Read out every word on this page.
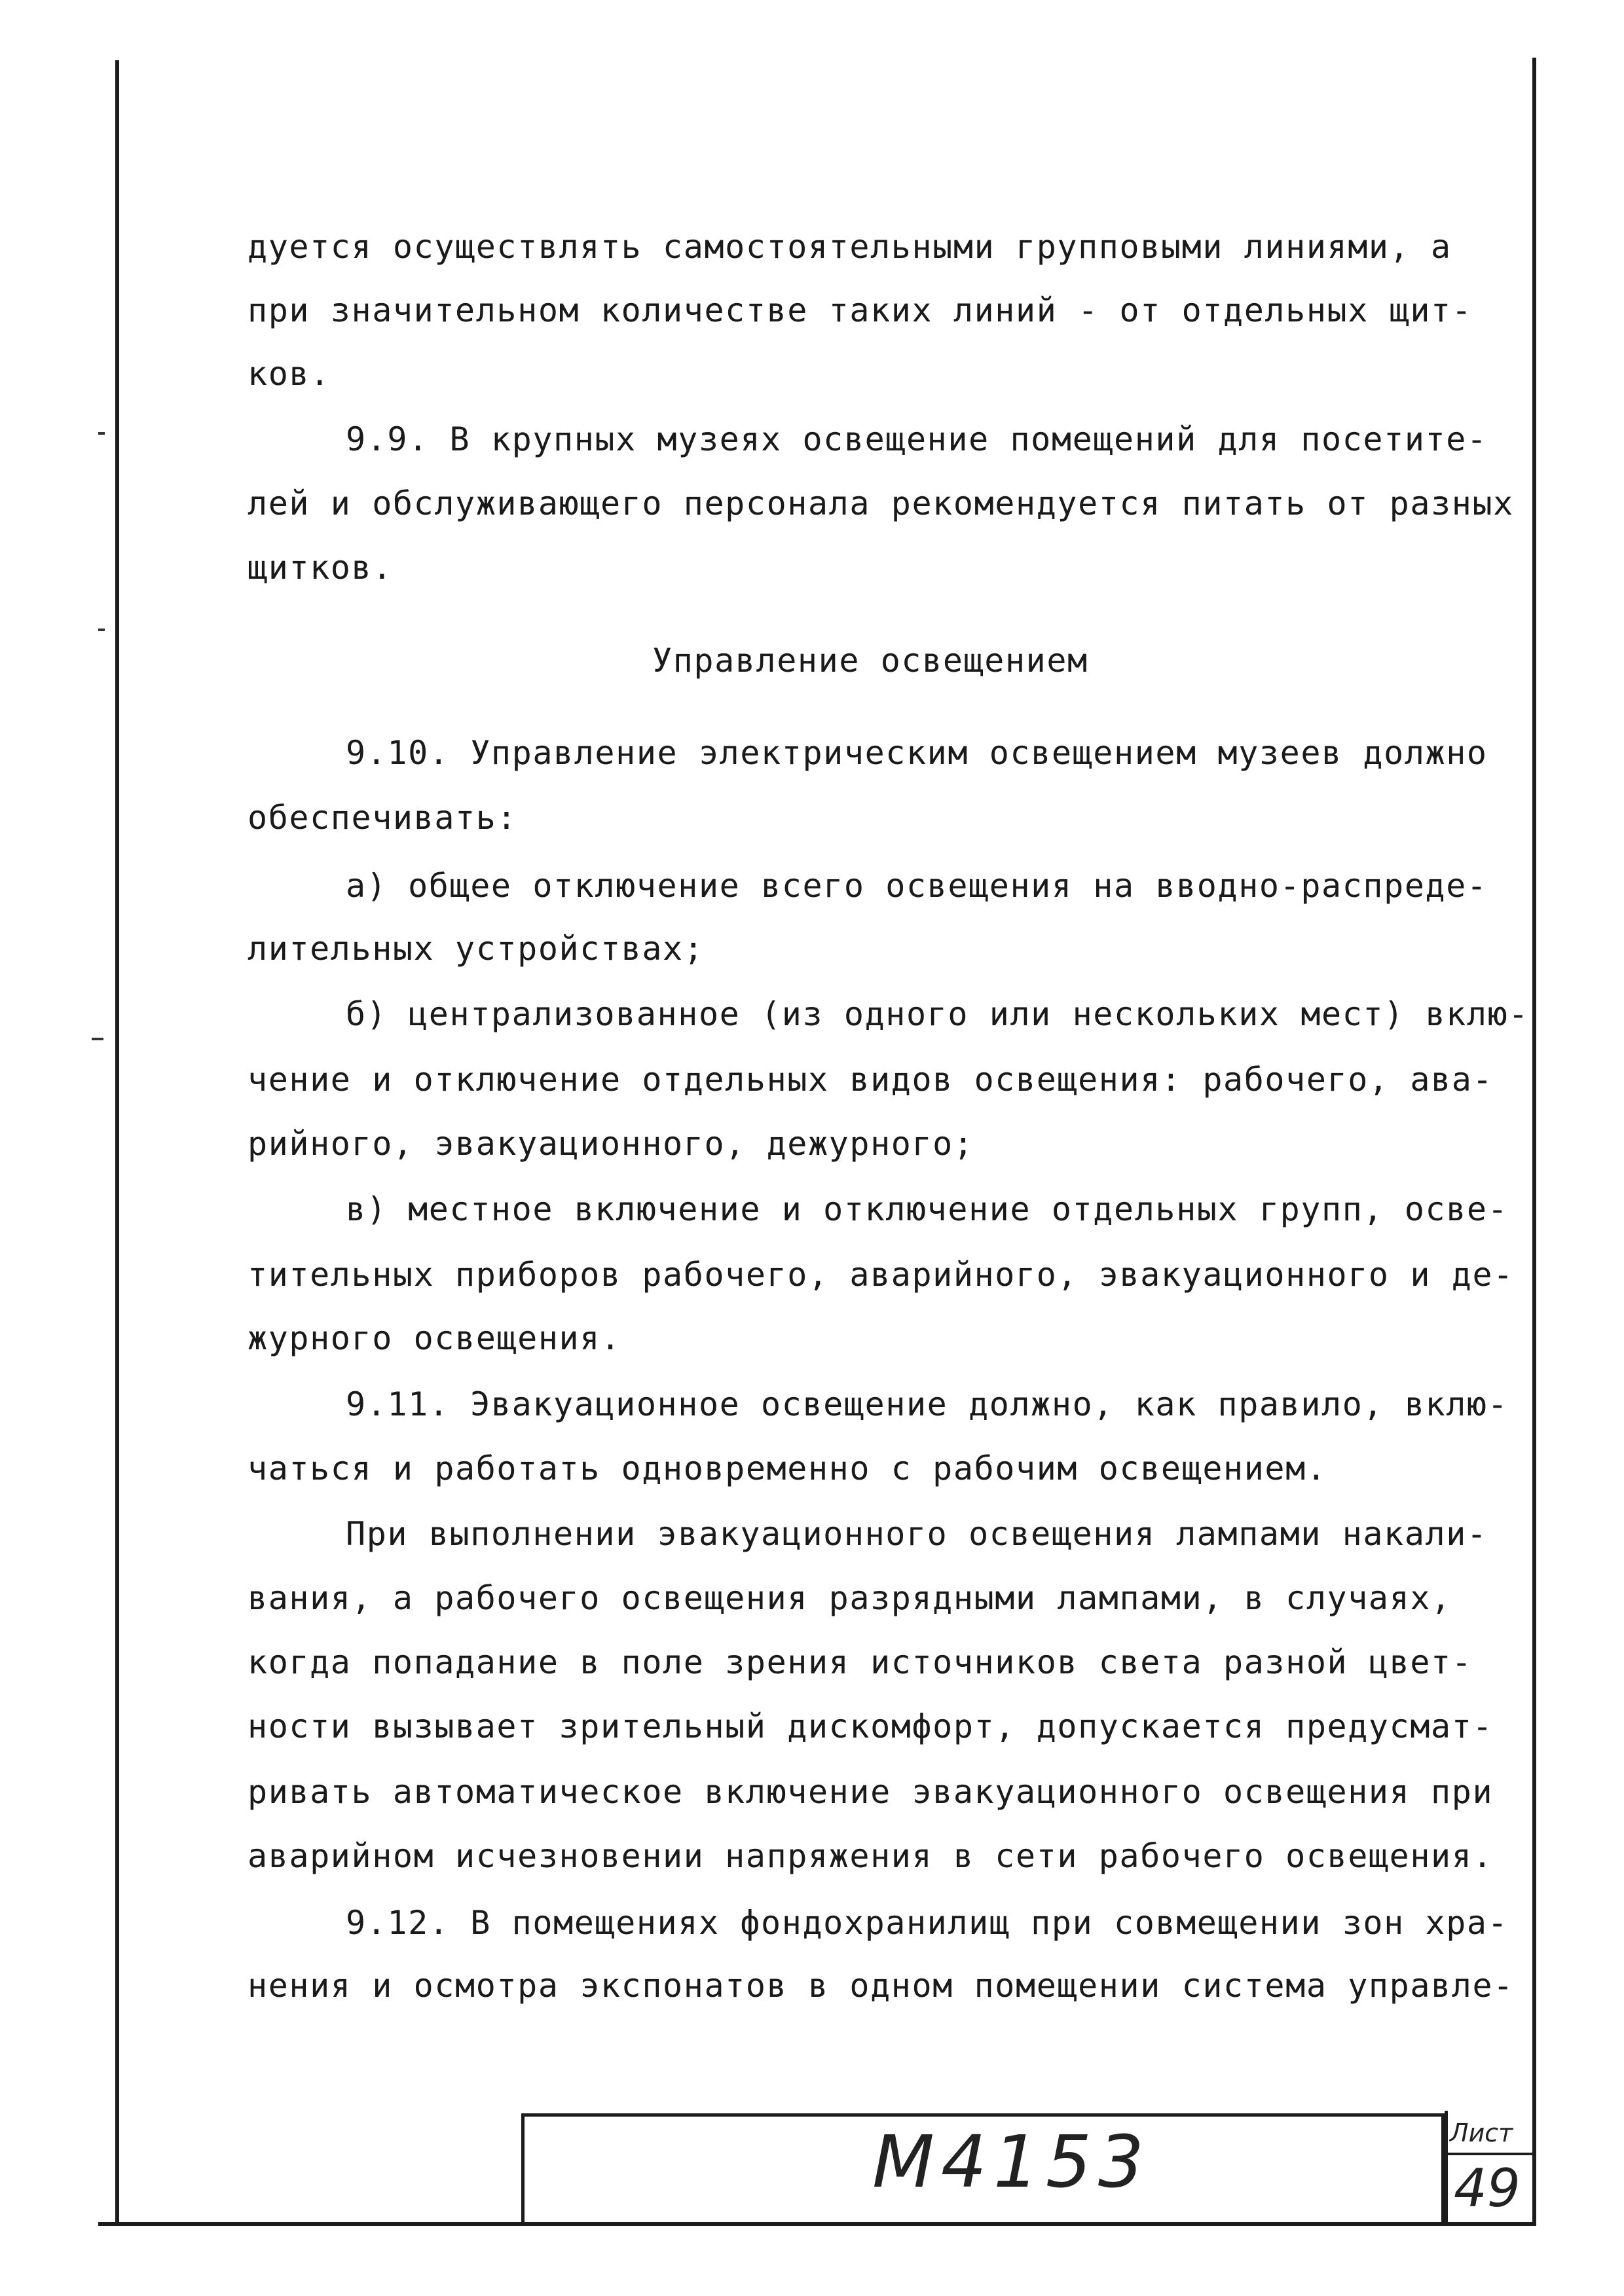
дуется осуществлять самостоятельными групповыми линиями, а
при значительном количестве таких линий - от отдельных щит-
ков.
9.9. В крупных музеях освещение помещений для посетите-
лей и обслуживающего персонала рекомендуется питать от разных
щитков.
Управление освещением
9.10. Управление электрическим освещением музеев должно
обеспечивать:
а) общее отключение всего освещения на вводно-распреде-
лительных устройствах;
б) централизованное (из одного или нескольких мест) вклю-
чение и отключение отдельных видов освещения: рабочего, ава-
рийного, эвакуационного, дежурного;
в) местное включение и отключение отдельных групп, осве-
тительных приборов рабочего, аварийного, эвакуационного и де-
журного освещения.
9.11. Эвакуационное освещение должно, как правило, вклю-
чаться и работать одновременно с рабочим освещением.
При выполнении эвакуационного освещения лампами накали-
вания, а рабочего освещения разрядными лампами, в случаях,
когда попадание в поле зрения источников света разной цвет-
ности вызывает зрительный дискомфорт, допускается предусмат-
ривать автоматическое включение эвакуационного освещения при
аварийном исчезновении напряжения в сети рабочего освещения.
9.12. В помещениях фондохранилищ при совмещении зон хра-
нения и осмотра экспонатов в одном помещении система управле-
М4153	Лист
49
